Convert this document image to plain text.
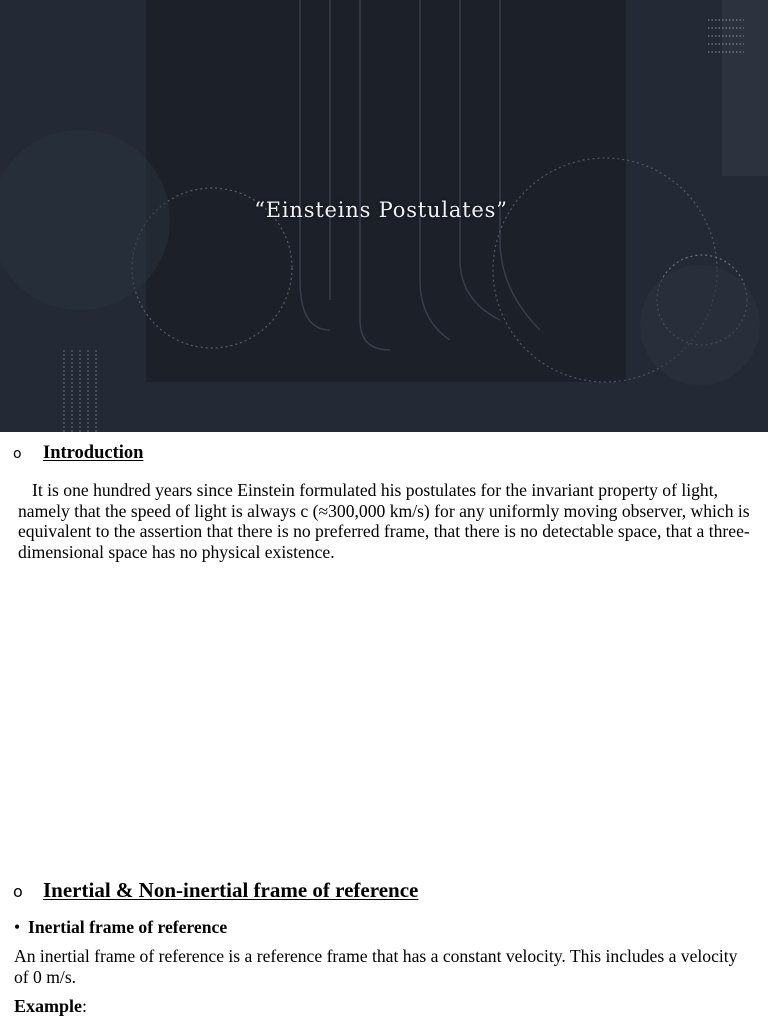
“Einsteins Postulates”
o	Introduction

It is one hundred years since Einstein formulated his postulates for the invariant property of light, namely that the speed of light is always c (≈300,000 km/s) for any uniformly moving observer, which is equivalent to the assertion that there is no preferred frame, that there is no detectable space, that a three-dimensional space has no physical existence.

o Inertial & Non-inertial frame of reference
• Inertial frame of reference

An inertial frame of reference is a reference frame that has a constant velocity. This includes a velocity of 0 m/s.

Example:
